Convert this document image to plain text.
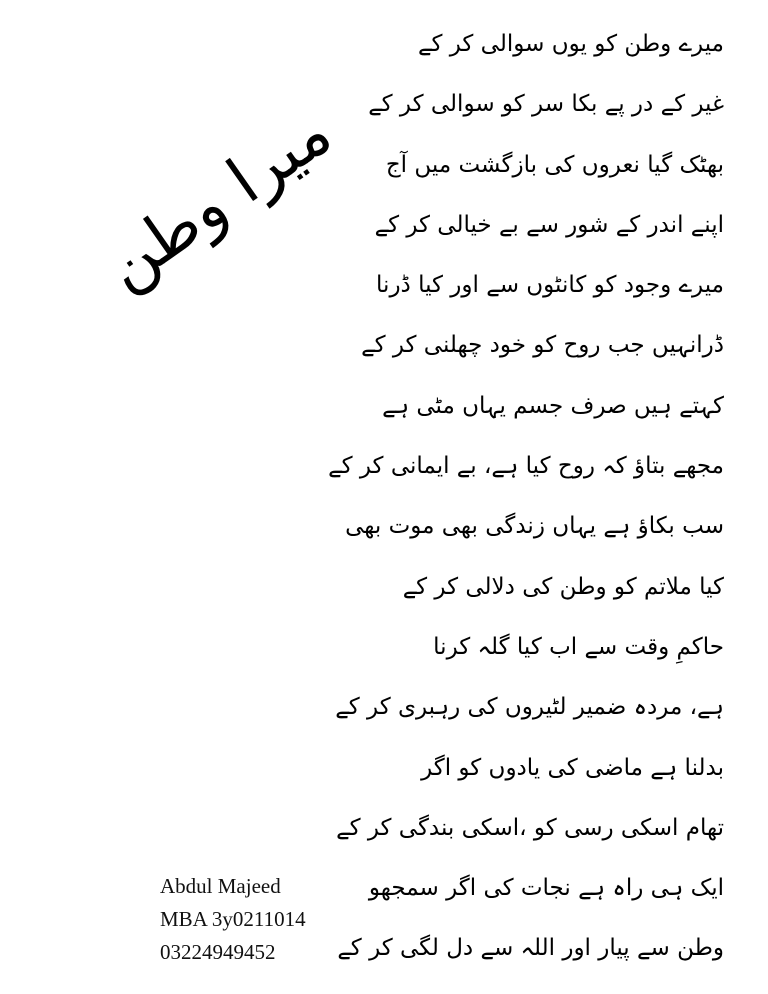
میرا وطن
میرے وطن کو یوں سوالی کر کے
غیر کے در پے بکا سر کو سوالی کر کے
بھٹک گیا نعروں کی بازگشت میں آج
اپنے اندر کے شور سے بے خیالی کر کے
میرے وجود کو کانٹوں سے اور کیا ڈرنا
ڈرانہیں جب روح کو خود چھلنی کر کے
کہتے ہیں صرف جسم یہاں مٹی ہے
مجھے بتاؤ کہ روح کیا ہے، بے ایمانی کر کے
سب بکاؤ ہے یہاں زندگی بھی موت بھی
کیا ملاتم کو وطن کی دلالی کر کے
حاکمِ وقت سے اب کیا گلہ کرنا
ہے، مردہ ضمیر لٹیروں کی رہبری کر کے
بدلنا ہے ماضی کی یادوں کو اگر
تھام اسکی رسی کو ،اسکی بندگی کر کے
ایک ہی راہ ہے نجات کی اگر سمجھو
وطن سے پیار اور اللہ سے دل لگی کر کے
Abdul Majeed
MBA 3y0211014
03224949452
